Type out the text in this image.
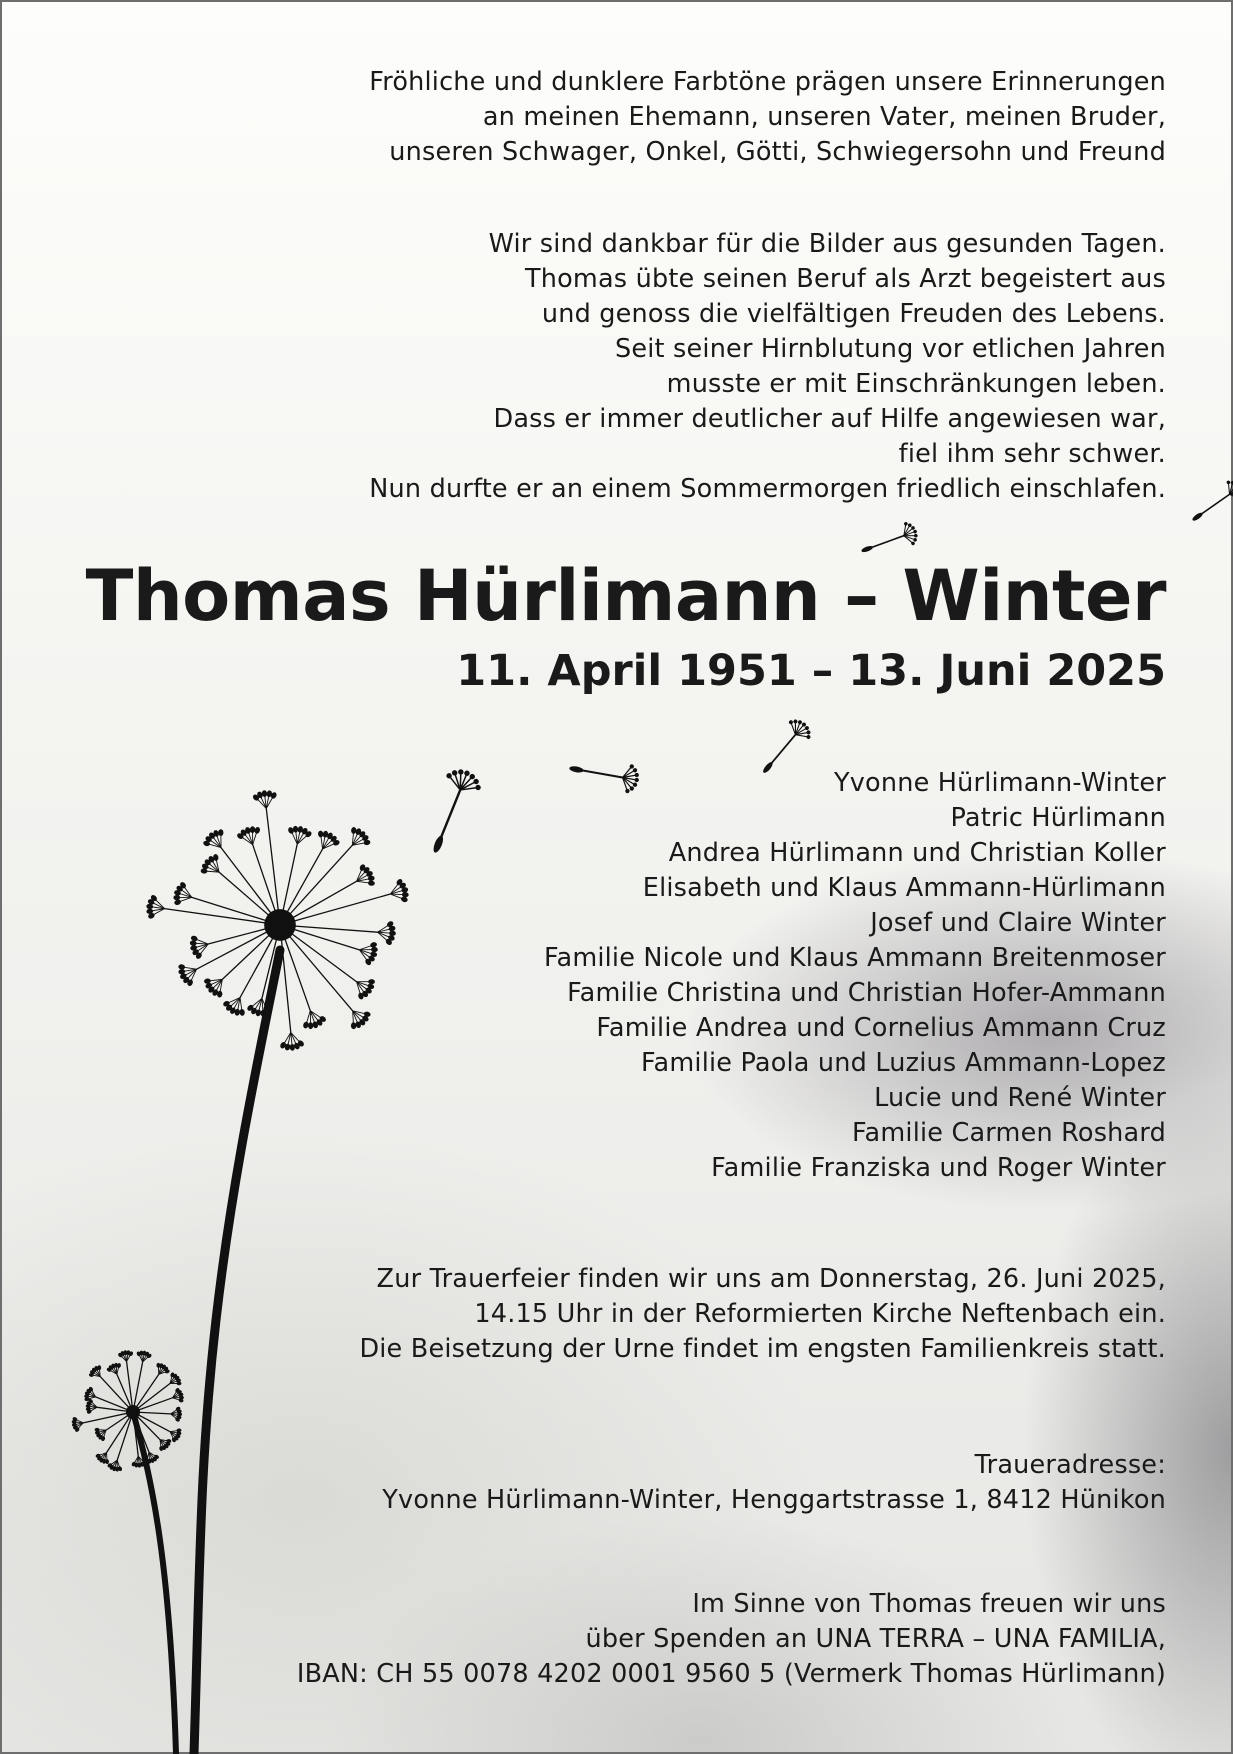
Fröhliche und dunklere Farbtöne prägen unsere Erinnerungen
an meinen Ehemann, unseren Vater, meinen Bruder,
unseren Schwager, Onkel, Götti, Schwiegersohn und Freund
Wir sind dankbar für die Bilder aus gesunden Tagen.
Thomas übte seinen Beruf als Arzt begeistert aus
und genoss die vielfältigen Freuden des Lebens.
Seit seiner Hirnblutung vor etlichen Jahren
musste er mit Einschränkungen leben.
Dass er immer deutlicher auf Hilfe angewiesen war,
fiel ihm sehr schwer.
Nun durfte er an einem Sommermorgen friedlich einschlafen.
Thomas Hürlimann – Winter
11. April 1951 – 13. Juni 2025
Yvonne Hürlimann-Winter
Patric Hürlimann
Andrea Hürlimann und Christian Koller
Elisabeth und Klaus Ammann-Hürlimann
Josef und Claire Winter
Familie Nicole und Klaus Ammann Breitenmoser
Familie Christina und Christian Hofer-Ammann
Familie Andrea und Cornelius Ammann Cruz
Familie Paola und Luzius Ammann-Lopez
Lucie und René Winter
Familie Carmen Roshard
Familie Franziska und Roger Winter
Zur Trauerfeier finden wir uns am Donnerstag, 26. Juni 2025,
14.15 Uhr in der Reformierten Kirche Neftenbach ein.
Die Beisetzung der Urne findet im engsten Familienkreis statt.
Traueradresse:
Yvonne Hürlimann-Winter, Henggartstrasse 1, 8412 Hünikon
Im Sinne von Thomas freuen wir uns
über Spenden an UNA TERRA – UNA FAMILIA,
IBAN: CH 55 0078 4202 0001 9560 5 (Vermerk Thomas Hürlimann)
